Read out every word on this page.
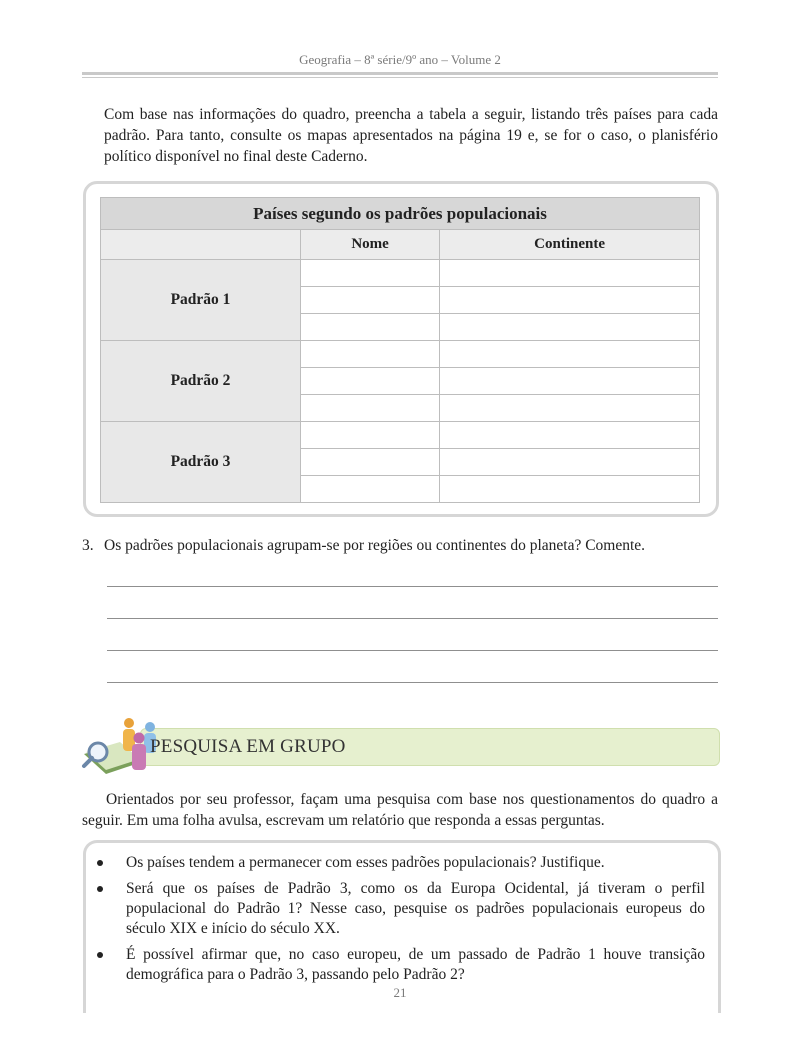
Geografia – 8ª série/9º ano – Volume 2

Com base nas informações do quadro, preencha a tabela a seguir, listando três países para cada padrão. Para tanto, consulte os mapas apresentados na página 19 e, se for o caso, o planisfério político disponível no final deste Caderno.

Países segundo os padrões populacionais		
	Nome	Continente
Padrão 1		

Padrão 2		

Padrão 3		

3. Os padrões populacionais agrupam-se por regiões ou continentes do planeta? Comente.
PESQUISA EM GRUPO

Orientados por seu professor, façam uma pesquisa com base nos questionamentos do quadro a seguir. Em uma folha avulsa, escrevam um relatório que responda a essas perguntas.

Os países tendem a permanecer com esses padrões populacionais? Justifique.
Será que os países de Padrão 3, como os da Europa Ocidental, já tiveram o perfil populacional do Padrão 1? Nesse caso, pesquise os padrões populacionais europeus do século XIX e início do século XX.
É possível afirmar que, no caso europeu, de um passado de Padrão 1 houve transição demográfica para o Padrão 3, passando pelo Padrão 2?
21
